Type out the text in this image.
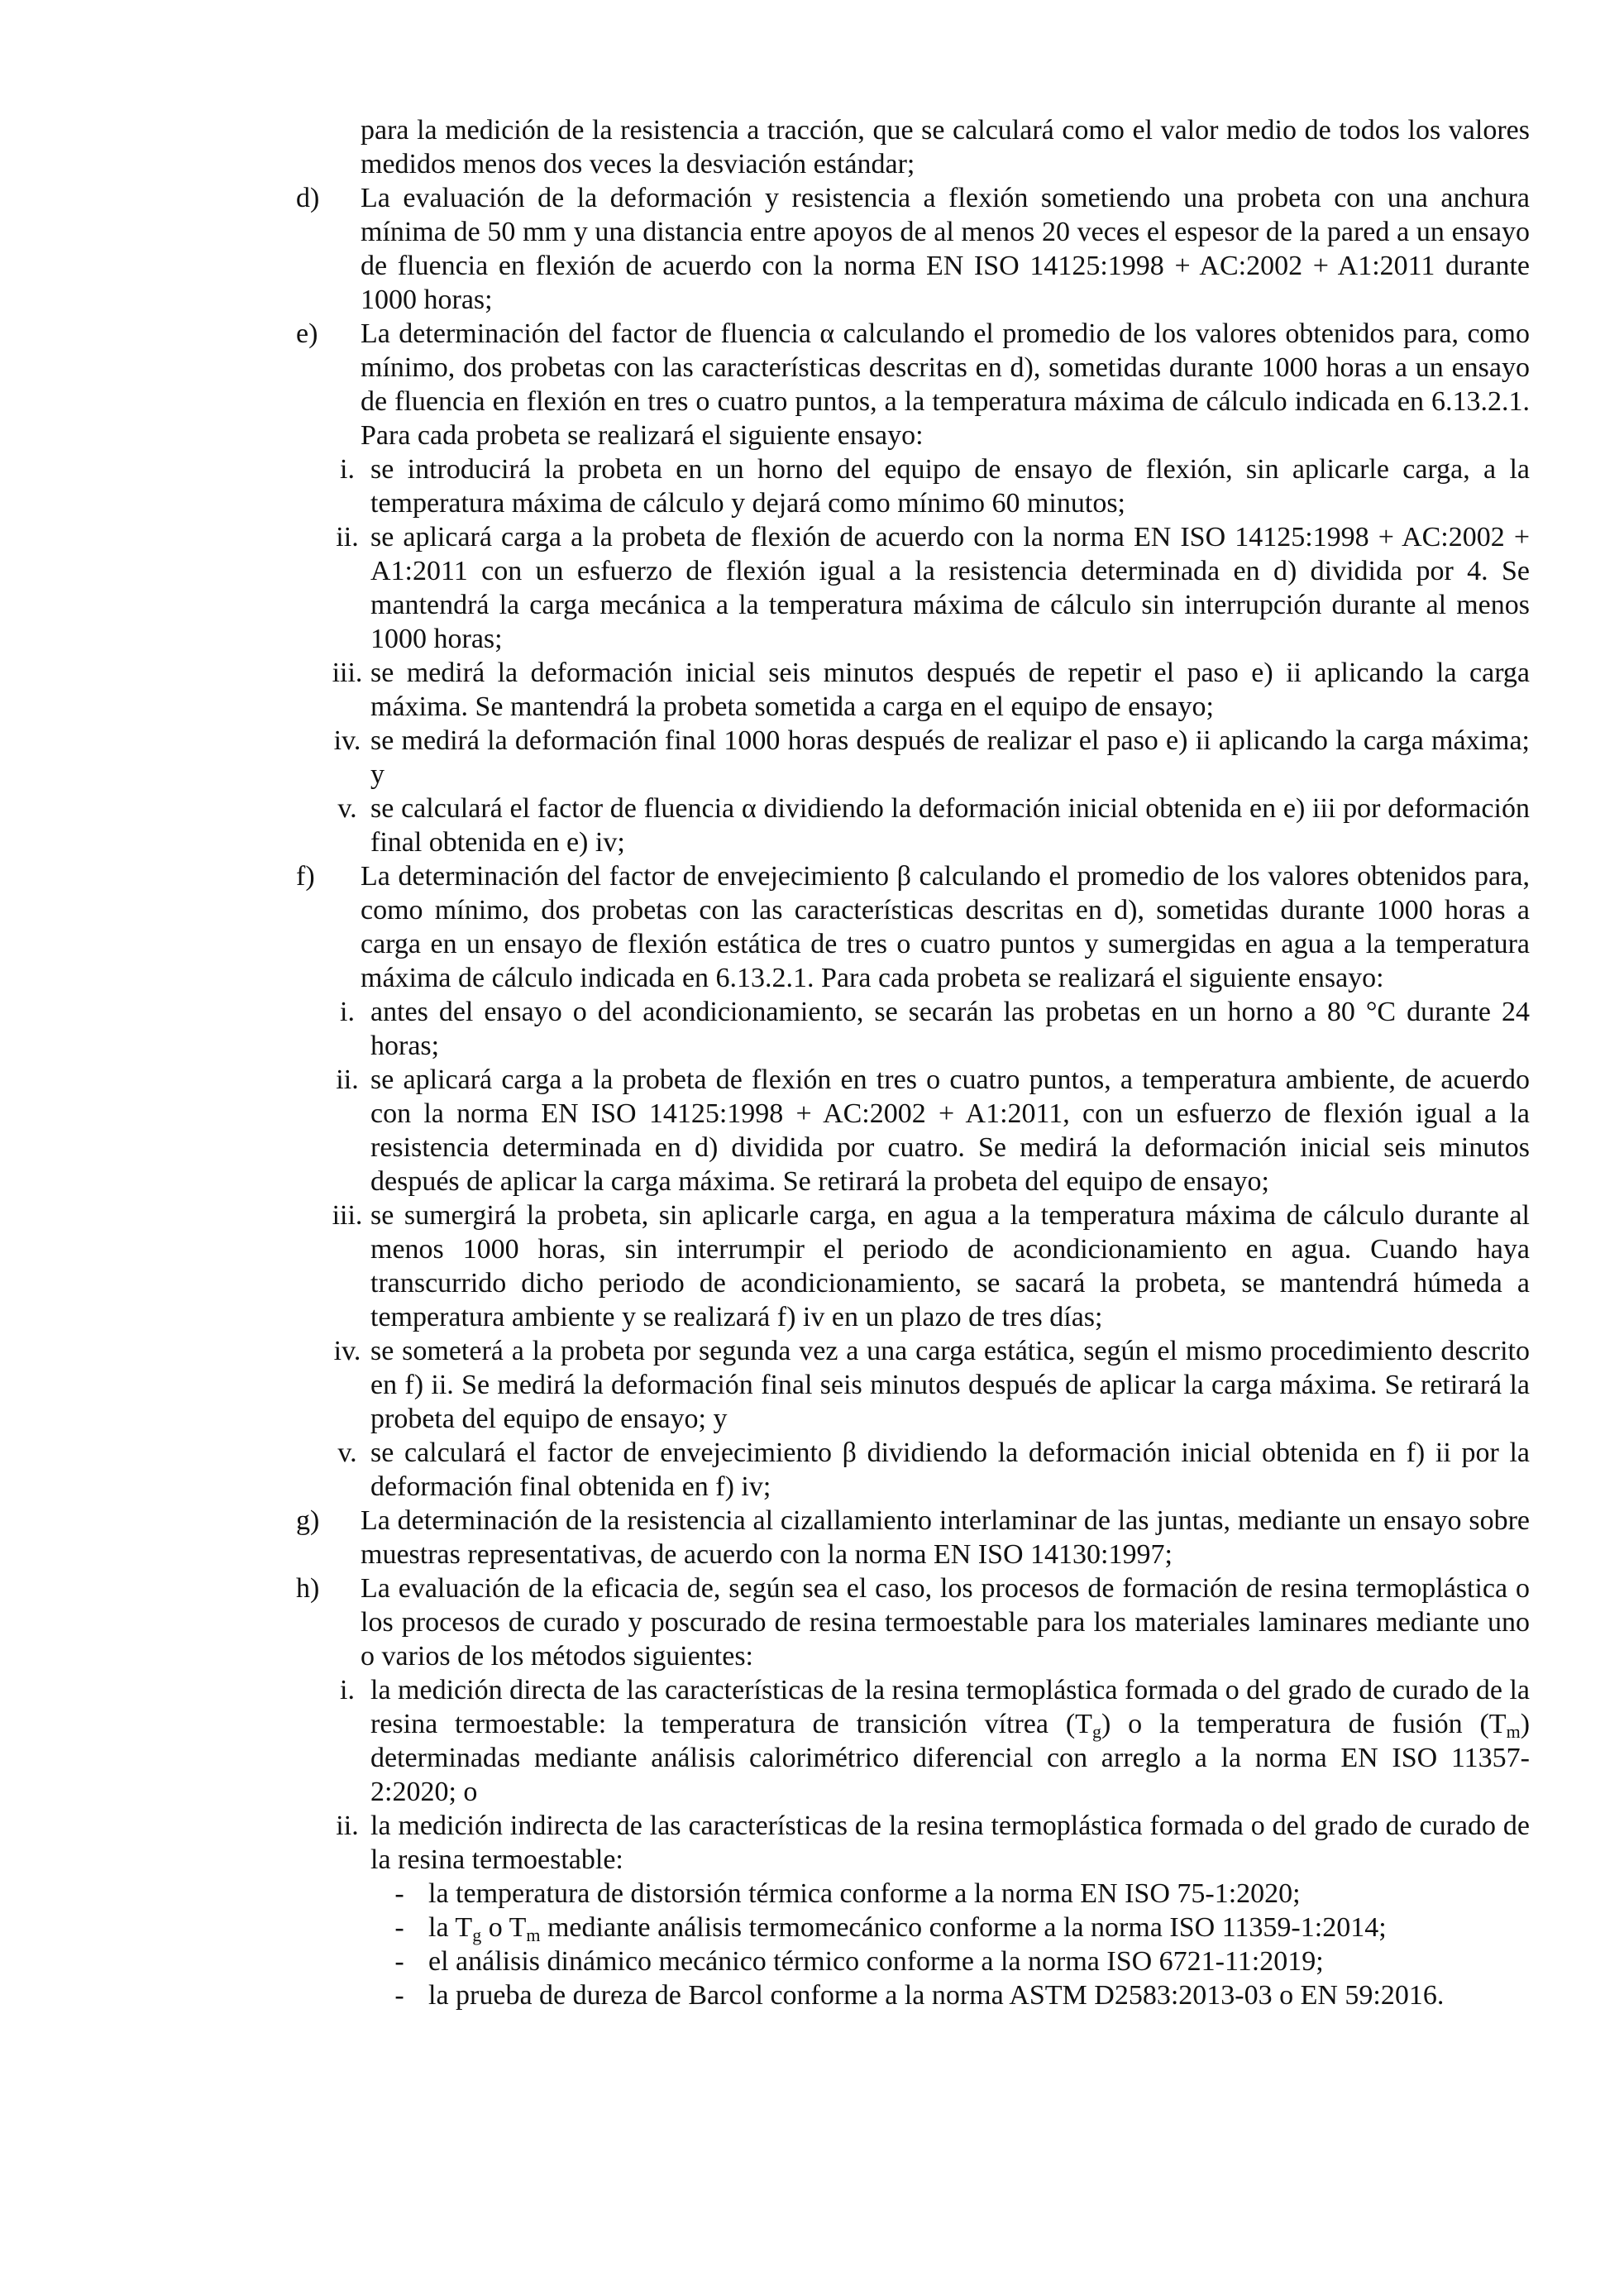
para la medición de la resistencia a tracción, que se calculará como el valor medio de todos los valores medidos menos dos veces la desviación estándar;

d)	La evaluación de la deformación y resistencia a flexión sometiendo una probeta con una anchura mínima de 50 mm y una distancia entre apoyos de al menos 20 veces el espesor de la pared a un ensayo de fluencia en flexión de acuerdo con la norma EN ISO 14125:1998 + AC:2002 + A1:2011 durante 1000 horas;

e)	La determinación del factor de fluencia α calculando el promedio de los valores obtenidos para, como mínimo, dos probetas con las características descritas en d), sometidas durante 1000 horas a un ensayo de fluencia en flexión en tres o cuatro puntos, a la temperatura máxima de cálculo indicada en 6.13.2.1. Para cada probeta se realizará el siguiente ensayo:

i. se introducirá la probeta en un horno del equipo de ensayo de flexión, sin aplicarle carga, a la temperatura máxima de cálculo y dejará como mínimo 60 minutos;
ii. se aplicará carga a la probeta de flexión de acuerdo con la norma EN ISO 14125:1998 + AC:2002 + A1:2011 con un esfuerzo de flexión igual a la resistencia determinada en d) dividida por 4. Se mantendrá la carga mecánica a la temperatura máxima de cálculo sin interrupción durante al menos 1000 horas;
iii. se medirá la deformación inicial seis minutos después de repetir el paso e) ii aplicando la carga máxima. Se mantendrá la probeta sometida a carga en el equipo de ensayo;
iv. se medirá la deformación final 1000 horas después de realizar el paso e) ii aplicando la carga máxima; y
v. se calculará el factor de fluencia α dividiendo la deformación inicial obtenida en e) iii por deformación final obtenida en e) iv;
f)	La determinación del factor de envejecimiento β calculando el promedio de los valores obtenidos para, como mínimo, dos probetas con las características descritas en d), sometidas durante 1000 horas a carga en un ensayo de flexión estática de tres o cuatro puntos y sumergidas en agua a la temperatura máxima de cálculo indicada en 6.13.2.1. Para cada probeta se realizará el siguiente ensayo:

i. antes del ensayo o del acondicionamiento, se secarán las probetas en un horno a 80 °C durante 24 horas;
ii. se aplicará carga a la probeta de flexión en tres o cuatro puntos, a temperatura ambiente, de acuerdo con la norma EN ISO 14125:1998 + AC:2002 + A1:2011, con un esfuerzo de flexión igual a la resistencia determinada en d) dividida por cuatro. Se medirá la deformación inicial seis minutos después de aplicar la carga máxima. Se retirará la probeta del equipo de ensayo;
iii. se sumergirá la probeta, sin aplicarle carga, en agua a la temperatura máxima de cálculo durante al menos 1000 horas, sin interrumpir el periodo de acondicionamiento en agua. Cuando haya transcurrido dicho periodo de acondicionamiento, se sacará la probeta, se mantendrá húmeda a temperatura ambiente y se realizará f) iv en un plazo de tres días;
iv. se someterá a la probeta por segunda vez a una carga estática, según el mismo procedimiento descrito en f) ii. Se medirá la deformación final seis minutos después de aplicar la carga máxima. Se retirará la probeta del equipo de ensayo; y
v. se calculará el factor de envejecimiento β dividiendo la deformación inicial obtenida en f) ii por la deformación final obtenida en f) iv;
g)	La determinación de la resistencia al cizallamiento interlaminar de las juntas, mediante un ensayo sobre muestras representativas, de acuerdo con la norma EN ISO 14130:1997;

h)	La evaluación de la eficacia de, según sea el caso, los procesos de formación de resina termoplástica o los procesos de curado y poscurado de resina termoestable para los materiales laminares mediante uno o varios de los métodos siguientes:

i. la medición directa de las características de la resina termoplástica formada o del grado de curado de la resina termoestable: la temperatura de transición vítrea $(T_g)$ o la temperatura de fusión $(T_m)$ determinadas mediante análisis calorimétrico diferencial con arreglo a la norma EN ISO 11357-2:2020; o
ii. la medición indirecta de las características de la resina termoplástica formada o del grado de curado de la resina termoestable:
- la temperatura de distorsión térmica conforme a la norma EN ISO 75-1:2020;
- la $T_g$ o $T_m$ mediante análisis termomecánico conforme a la norma ISO 11359-1:2014;
- el análisis dinámico mecánico térmico conforme a la norma ISO 6721-11:2019;
- la prueba de dureza de Barcol conforme a la norma ASTM D2583:2013-03 o EN 59:2016.
